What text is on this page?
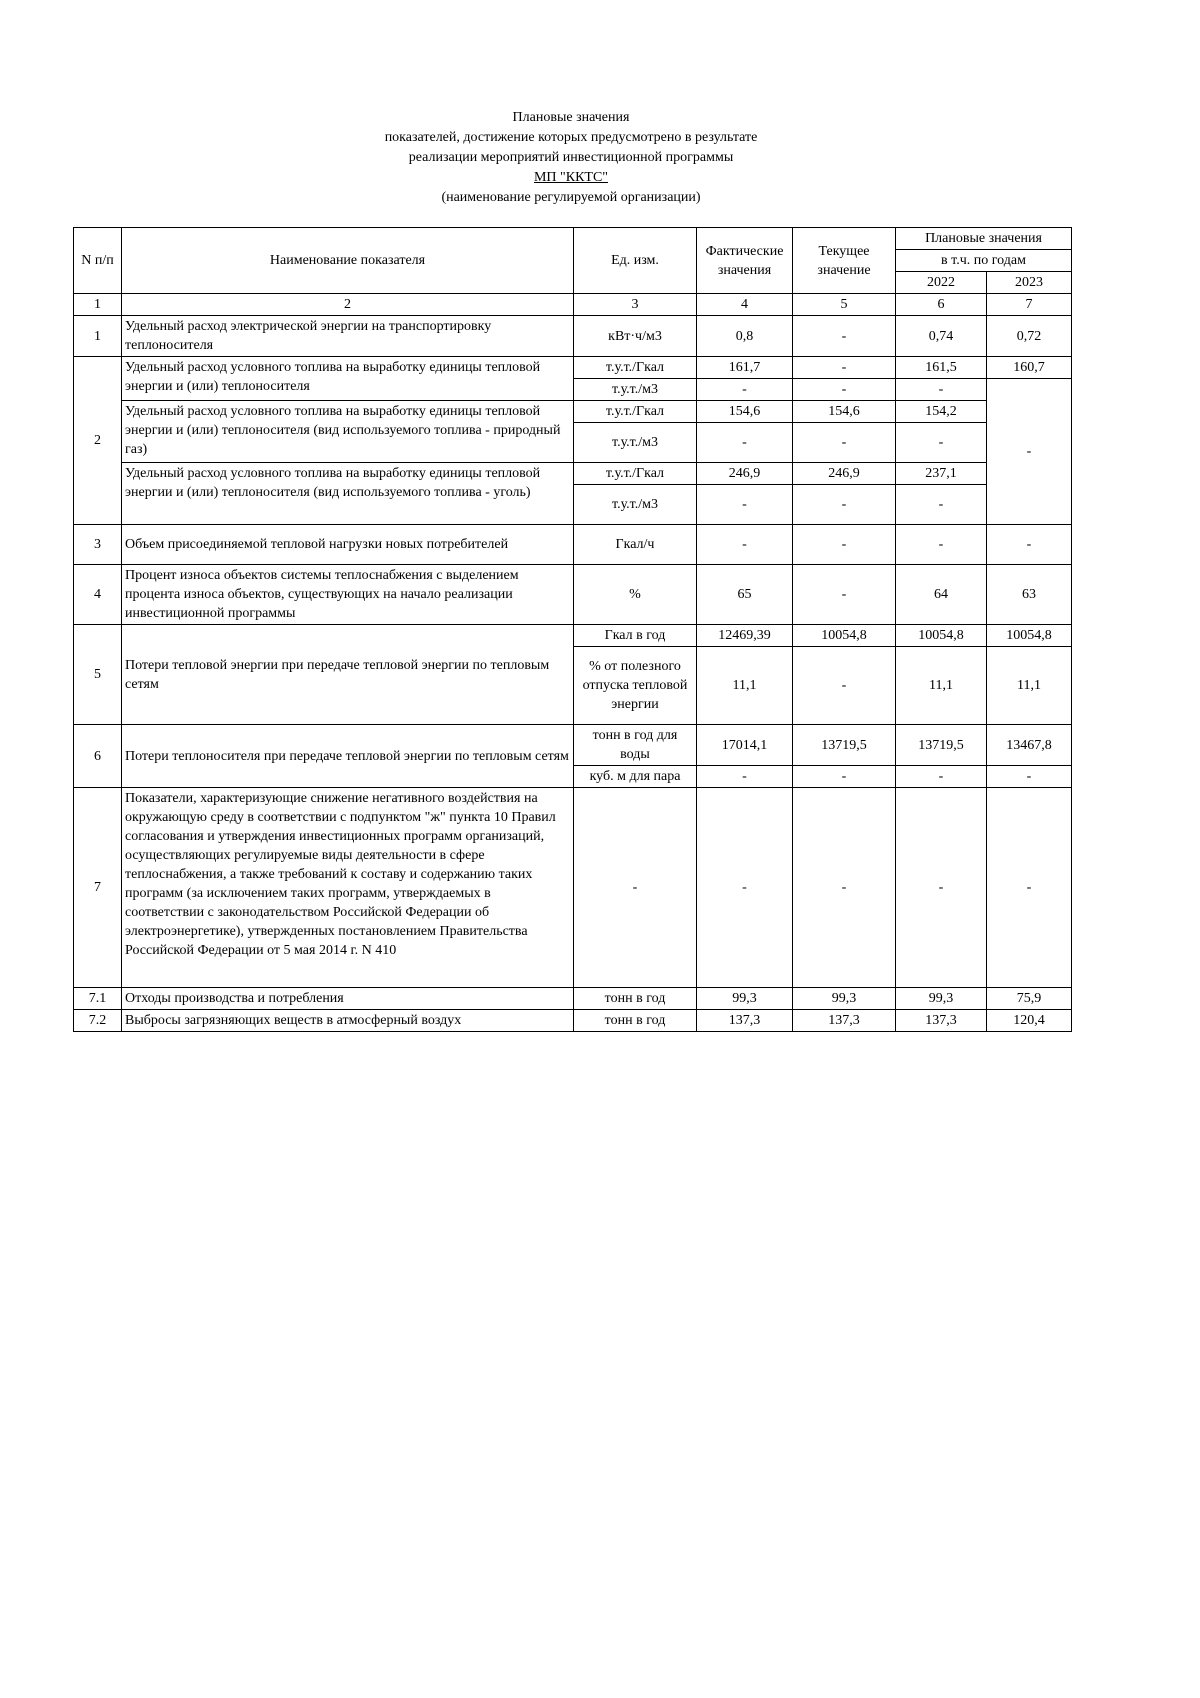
Плановые значения
показателей, достижение которых предусмотрено в результате
реализации мероприятий инвестиционной программы
МП "ККТС"
(наименование регулируемой организации)
N п/п	Наименование показателя	Ед. изм.	Фактические значения	Текущее значение	Плановые значения	
					в т.ч. по годам	
					2022	2023
1	2	3	4	5	6	7
1	Удельный расход электрической энергии на транспортировку теплоносителя	кВт·ч/м3	0,8	-	0,74	0,72
2	Удельный расход условного топлива на выработку единицы тепловой энергии и (или) теплоносителя	т.у.т./Гкал	161,7	-	161,5	160,7
		т.у.т./м3	-	-	-	-
	Удельный расход условного топлива на выработку единицы тепловой энергии и (или) теплоносителя (вид используемого топлива - природный газ)	т.у.т./Гкал	154,6	154,6	154,2	
		т.у.т./м3	-	-	-	
	Удельный расход условного топлива на выработку единицы тепловой энергии и (или) теплоносителя (вид используемого топлива - уголь)	т.у.т./Гкал	246,9	246,9	237,1	
		т.у.т./м3	-	-	-	
3	Объем присоединяемой тепловой нагрузки новых потребителей	Гкал/ч	-	-	-	-
4	Процент износа объектов системы теплоснабжения с выделением процента износа объектов, существующих на начало реализации инвестиционной программы	%	65	-	64	63
5	Потери тепловой энергии при передаче тепловой энергии по тепловым сетям	Гкал в год	12469,39	10054,8	10054,8	10054,8
		% от полезного отпуска тепловой энергии	11,1	-	11,1	11,1
6	Потери теплоносителя при передаче тепловой энергии по тепловым сетям	тонн в год для воды	17014,1	13719,5	13719,5	13467,8
		куб. м для пара	-	-	-	-
7	Показатели, характеризующие снижение негативного воздействия на окружающую среду в соответствии с подпунктом "ж" пункта 10 Правил согласования и утверждения инвестиционных программ организаций, осуществляющих регулируемые виды деятельности в сфере теплоснабжения, а также требований к составу и содержанию таких программ (за исключением таких программ, утверждаемых в соответствии с законодательством Российской Федерации об электроэнергетике), утвержденных постановлением Правительства Российской Федерации от 5 мая 2014 г. N 410	-	-	-	-	-
7.1	Отходы производства и потребления	тонн в год	99,3	99,3	99,3	75,9
7.2	Выбросы загрязняющих веществ в атмосферный воздух	тонн в год	137,3	137,3	137,3	120,4
